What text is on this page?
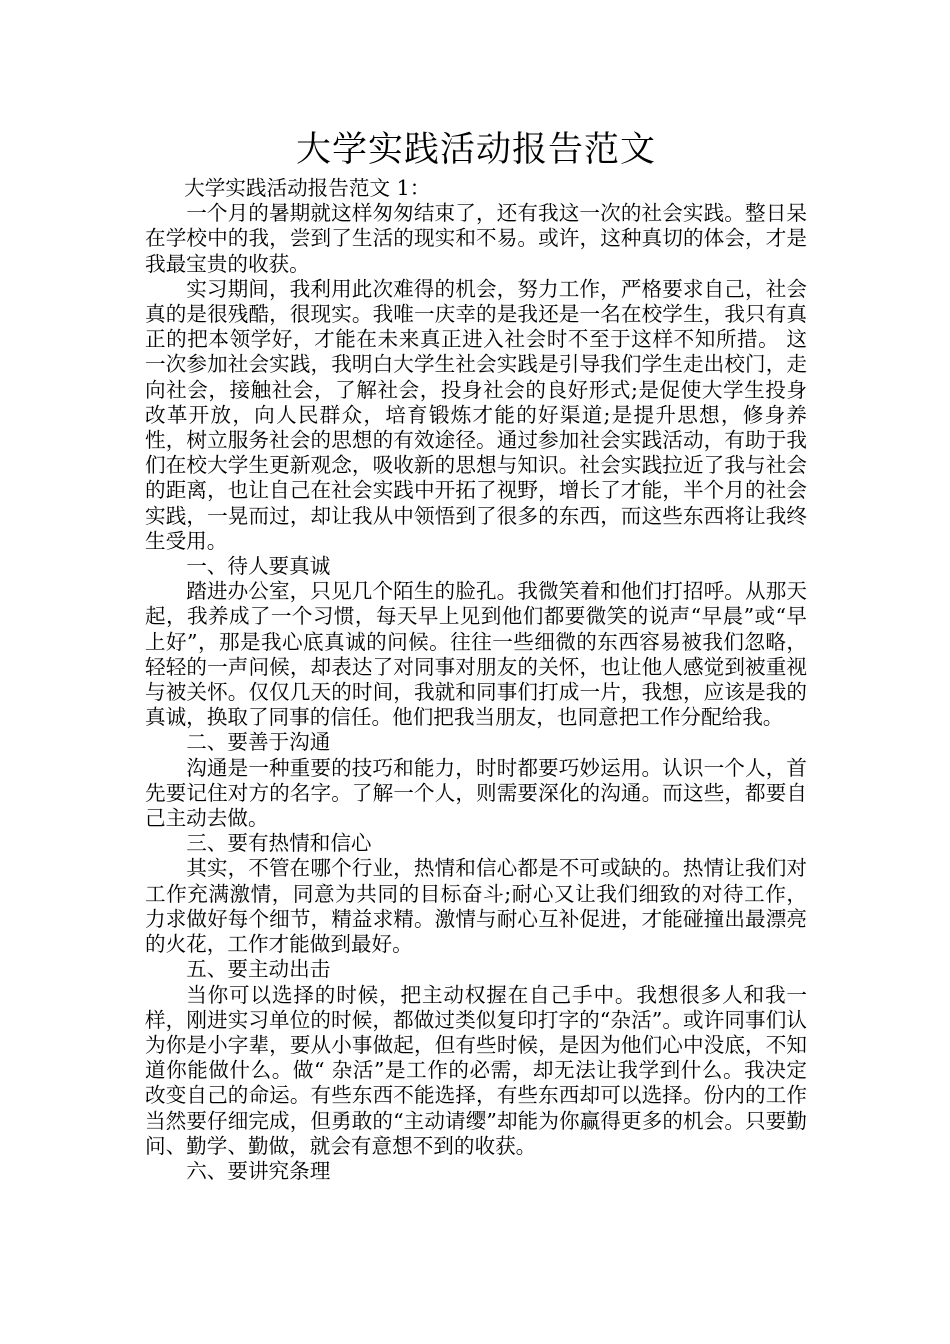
大学实践活动报告范文

大学实践活动报告范文 1：

一个月的暑期就这样匆匆结束了，还有我这一次的社会实践。整日呆在学校中的我，尝到了生活的现实和不易。或许，这种真切的体会，才是我最宝贵的收获。

实习期间，我利用此次难得的机会，努力工作，严格要求自己，社会真的是很残酷，很现实。我唯一庆幸的是我还是一名在校学生，我只有真正的把本领学好，才能在未来真正进入社会时不至于这样不知所措。 这一次参加社会实践，我明白大学生社会实践是引导我们学生走出校门，走向社会，接触社会，了解社会，投身社会的良好形式;是促使大学生投身改革开放，向人民群众，培育锻炼才能的好渠道;是提升思想，修身养性，树立服务社会的思想的有效途径。通过参加社会实践活动，有助于我们在校大学生更新观念，吸收新的思想与知识。社会实践拉近了我与社会的距离，也让自己在社会实践中开拓了视野，增长了才能，半个月的社会实践，一晃而过，却让我从中领悟到了很多的东西，而这些东西将让我终生受用。

一、待人要真诚

踏进办公室，只见几个陌生的脸孔。我微笑着和他们打招呼。从那天起，我养成了一个习惯，每天早上见到他们都要微笑的说声“早晨”或“早上好”，那是我心底真诚的问候。往往一些细微的东西容易被我们忽略，轻轻的一声问候，却表达了对同事对朋友的关怀，也让他人感觉到被重视与被关怀。仅仅几天的时间，我就和同事们打成一片，我想，应该是我的真诚，换取了同事的信任。他们把我当朋友，也同意把工作分配给我。

二、要善于沟通

沟通是一种重要的技巧和能力，时时都要巧妙运用。认识一个人，首先要记住对方的名字。了解一个人，则需要深化的沟通。而这些，都要自己主动去做。

三、要有热情和信心

其实，不管在哪个行业，热情和信心都是不可或缺的。热情让我们对工作充满激情，同意为共同的目标奋斗;耐心又让我们细致的对待工作，力求做好每个细节，精益求精。激情与耐心互补促进，才能碰撞出最漂亮的火花，工作才能做到最好。

五、要主动出击

当你可以选择的时候，把主动权握在自己手中。我想很多人和我一样，刚进实习单位的时候，都做过类似复印打字的“杂活”。或许同事们认为你是小字辈，要从小事做起，但有些时候，是因为他们心中没底，不知道你能做什么。做“ 杂活”是工作的必需，却无法让我学到什么。我决定改变自己的命运。有些东西不能选择，有些东西却可以选择。份内的工作当然要仔细完成，但勇敢的“主动请缨”却能为你赢得更多的机会。只要勤问、勤学、勤做，就会有意想不到的收获。

六、要讲究条理
